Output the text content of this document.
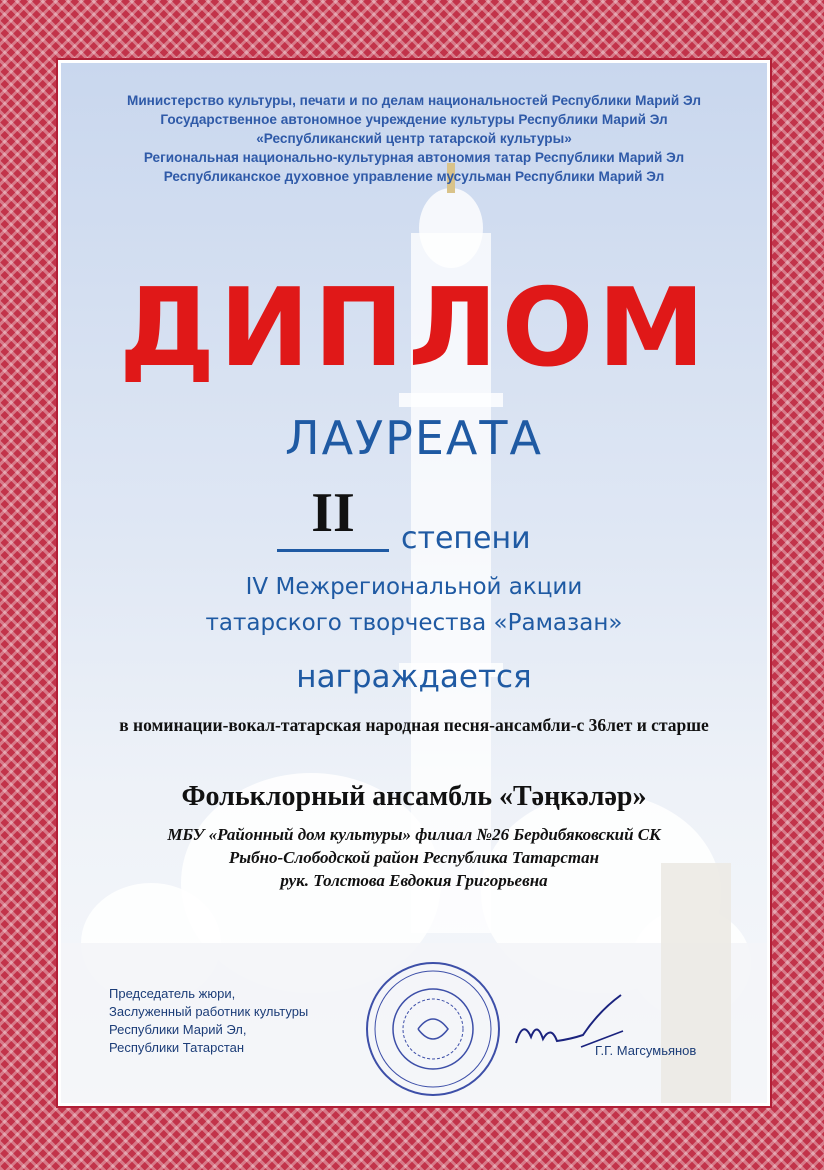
Министерство культуры, печати и по делам национальностей Республики Марий Эл
Государственное автономное учреждение культуры Республики Марий Эл
«Республиканский центр татарской культуры»
Региональная национально-культурная автономия татар Республики Марий Эл
Республиканское духовное управление мусульман Республики Марий Эл
ДИПЛОМ
ЛАУРЕАТА
II	степени
IV Межрегиональной акции
татарского творчества «Рамазан»
награждается
в номинации-вокал-татарская народная песня-ансамбли-с 36лет и старше
Фольклорный ансамбль «Тәңкәләр»
МБУ «Районный дом культуры» филиал №26 Бердибяковский СК
Рыбно-Слободской район Республика Татарстан
рук. Толстова Евдокия Григорьевна
Председатель жюри,
Заслуженный работник культуры
Республики Марий Эл,
Республики Татарстан	Г.Г. Магсумьянов
